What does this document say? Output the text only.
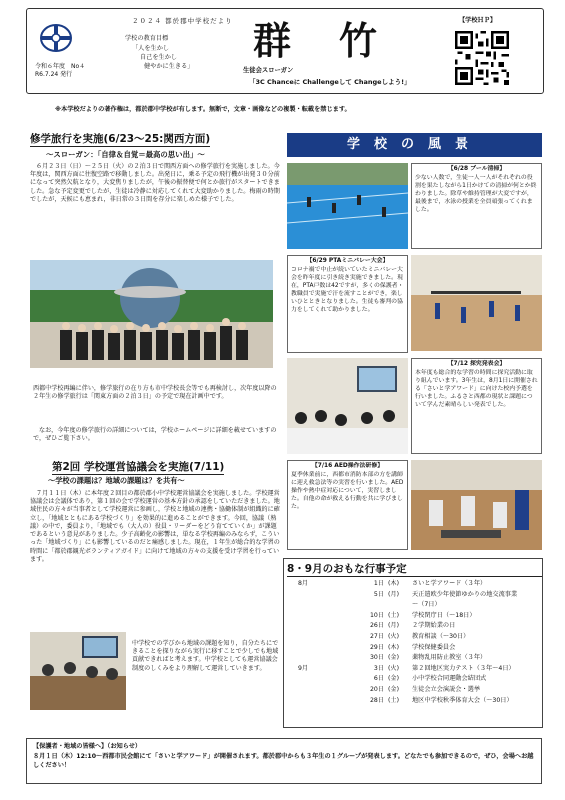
令和６年度　No４
R6.7.24 発行
２０２４ 都於郡中学校だより
学校の教育目標
「人を生かし
自己を生かし
健やかに生きる」
群竹
生徒会スローガン
「3C Chanceに Challengeして Changeしよう!」
【学校ＨＰ】
※本学校だよりの著作権は，都於郡中学校が有します。無断で，文章・画像などの複製・転載を禁じます。
修学旅行を実施(6/23～25:関西方面)
～スローガン：「自律＆自覚＝最高の思い出」～
６月２３日（日）～２５日（火）の２泊３日で関西方面への修学旅行を実施しました。今年度は，関西方面に往復空路で移動しました。出発日に，乗る予定の飛行機が出発３０分前になって突然欠航となり，大変焦りましたが，午後の振替便で何とか旅行がスタートできました。急な予定変更でしたが，生徒は冷静に対応してくれて大変助かりました。梅雨の時期でしたが，天候にも恵まれ，非日常の３日間を存分に楽しめた様子でした。
西都中学校再編に伴い，修学旅行の在り方も市中学校長会等でも再検討し，次年度以降の２年生の修学旅行は「関東方面の２泊３日」の予定で現在計画中です。
なお，今年度の修学旅行の詳細については，学校ホームページに詳細を載せていますので，ぜひご覧下さい。
第2回 学校運営協議会を実施(7/11)
～学校の課題は？地域の課題は？を共有～
７月１１日（木）に本年度２回目の都於郡小中学校運営協議会を実施しました。学校運営協議会は会議体であり，第１回の会で学校運営の基本方針の承認をしていただきました。地域住民の方々が当事者として学校運営に参画し，学校と地域の連携・協働体制が組織的に確立し，「地域とともにある学校づくり」を効果的に進めることができます。今回，協議（熟議）の中で，委員より，「地域でも（大人の）役員・リーダーをどう育てていくか」が課題であるという意見がありました。少子高齢化の影響は，単なる学校再編のみならず，こういった「地域づくり」にも影響しているのだと痛感しました。現在，１年生が総合的な学習の時間に「都於郡観光ボランティアガイド」に向けて地域の方々の支援を受け学習を行っています。
中学校での学びから地域の課題を知り，自分たちにできることを探りながら実行に移すことで少しでも地域貢献できればと考えます。中学校としても運営協議会制度のしくみをより理解して運営していきます。
学校の風景
【6/28 プール清掃】
少ない人数で，生徒一人一人がそれぞれの役割を果たしながら1日かけての清掃が何とか終わりました。除草や維持管理が大変ですが，最後まで，水泳の授業を全員頑張ってくれました。
【6/29 PTAミニバレー大会】
コロナ禍で中止が続いていたミニバレー大会を昨年度に引き続き実施できました。現在，PTA戸数は42ですが，多くの保護者・教職員で実施で汗を流すことができ，楽しいひとときとなりました。生徒も審判の協力をしてくれて助かりました。
【7/12 探究発表会】
本年度も総合的な学習の時間に探究活動に取り組んでいます。3年生は，8月1日に開催される「さいと学アワード」に向けた校内予選を行いました。ふるさと西都の現状と課題について学んだ素晴らしい発表でした。
【7/16 AED操作法研修】
夏季休業前に，西都市消防本部の方を講師に迎え救急法等の実習を行いました。AED操作や熱中症対応について，実習しました。自他の命が救える行動を共に学びました。
8・9月のおもな行事予定
8月	1日 (木) さいと学アワード（３年）
5日 (月) 天正遣欧少年使節ゆかりの地交流事業
～（7日）
10日 (土) 学校閉庁日（～18日）
26日 (月) ２学期始業の日
27日 (火) 教育相談（～30日）
29日 (木) 学校保健委員会
30日 (金) 薬物乱用防止教室（３年）
9月	3日 (火) 第２回地区実力テスト（３年～4日）
6日 (金) 小中学校合同運動会結団式
20日 (金) 生徒会立会演説会・選挙
28日 (土) 地区中学校秋季体育大会（～30日）
【保護者・地域の皆様へ】（お知らせ）
８月１日（木）12:10～西都市民会館にて「さいと学アワード」が開催されます。都於郡中からも３年生の１グループが発表します。どなたでも参加できるので，ぜひ，会場へお越しください！
